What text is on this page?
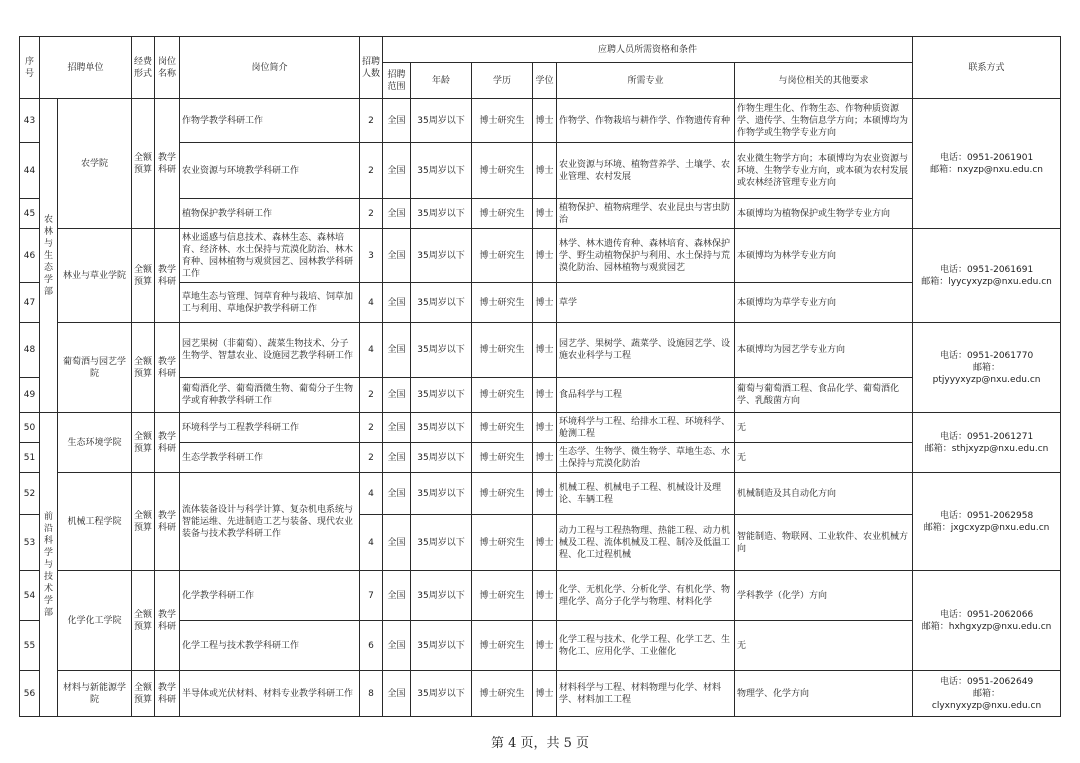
序号	招聘单位		经费形式	岗位名称	岗位简介	招聘人数	应聘人员所需资格和条件						联系方式
							招聘范围	年龄	学历	学位	所需专业	与岗位相关的其他要求	
43	农林与生态学部	农学院	全额预算	教学科研	作物学教学科研工作	2	全国	35周岁以下	博士研究生	博士	作物学、作物栽培与耕作学、作物遗传育种	作物生理生化、作物生态、作物种质资源学、遗传学、生物信息学方向；本硕博均为作物学或生物学专业方向	电话：0951-2061901
邮箱：nxyzp@nxu.edu.cn

44					农业资源与环境教学科研工作	2	全国	35周岁以下	博士研究生	博士	农业资源与环境、植物营养学、土壤学、农业管理、农村发展	农业微生物学方向；本硕博均为农业资源与环境、生物学专业方向，或本硕为农村发展或农林经济管理专业方向	
45					植物保护教学科研工作	2	全国	35周岁以下	博士研究生	博士	植物保护、植物病理学、农业昆虫与害虫防治	本硕博均为植物保护或生物学专业方向	
46		林业与草业学院	全额预算	教学科研	林业遥感与信息技术、森林生态、森林培育、经济林、水土保持与荒漠化防治、林木育种、园林植物与观赏园艺、园林教学科研工作	3	全国	35周岁以下	博士研究生	博士	林学、林木遗传育种、森林培育、森林保护学、野生动植物保护与利用、水土保持与荒漠化防治、园林植物与观赏园艺	本硕博均为林学专业方向	电话：0951-2061691
邮箱：lyycyxyzp@nxu.edu.cn

47					草地生态与管理、饲草育种与栽培、饲草加工与利用、草地保护教学科研工作	4	全国	35周岁以下	博士研究生	博士	草学	本硕博均为草学专业方向	
48		葡萄酒与园艺学院	全额预算	教学科研	园艺果树（非葡萄）、蔬菜生物技术、分子生物学、智慧农业、设施园艺教学科研工作	4	全国	35周岁以下	博士研究生	博士	园艺学、果树学、蔬菜学、设施园艺学、设施农业科学与工程	本硕博均为园艺学专业方向	电话：0951-2061770
邮箱：
ptjyyyxyzp@nxu.edu.cn

49					葡萄酒化学、葡萄酒微生物、葡萄分子生物学或育种教学科研工作	2	全国	35周岁以下	博士研究生	博士	食品科学与工程	葡萄与葡萄酒工程、食品化学、葡萄酒化学、乳酸菌方向	
50	前沿科学与技术学部	生态环境学院	全额预算	教学科研	环境科学与工程教学科研工作	2	全国	35周岁以下	博士研究生	博士	环境科学与工程、给排水工程、环境科学、舱测工程	无	电话：0951-2061271
邮箱：sthjxyzp@nxu.edu.cn

51					生态学教学科研工作	2	全国	35周岁以下	博士研究生	博士	生态学、生物学、微生物学、草地生态、水土保持与荒漠化防治	无	
52		机械工程学院	全额预算	教学科研	流体装备设计与科学计算、复杂机电系统与智能运维、先进制造工艺与装备、现代农业装备与技术教学科研工作	4	全国	35周岁以下	博士研究生	博士	机械工程、机械电子工程、机械设计及理论、车辆工程	机械制造及其自动化方向	电话：0951-2062958
邮箱：jxgcxyzp@nxu.edu.cn

53						4	全国	35周岁以下	博士研究生	博士	动力工程与工程热物理、热能工程、动力机械及工程、流体机械及工程、制冷及低温工程、化工过程机械	智能制造、物联网、工业软件、农业机械方向	
54		化学化工学院	全额预算	教学科研	化学教学科研工作	7	全国	35周岁以下	博士研究生	博士	化学、无机化学、分析化学、有机化学、物理化学、高分子化学与物理、材料化学	学科教学（化学）方向	电话：0951-2062066
邮箱：hxhgxyzp@nxu.edu.cn

55					化学工程与技术教学科研工作	6	全国	35周岁以下	博士研究生	博士	化学工程与技术、化学工程、化学工艺、生物化工、应用化学、工业催化	无	
56		材料与新能源学院	全额预算	教学科研	半导体或光伏材料、材料专业教学科研工作	8	全国	35周岁以下	博士研究生	博士	材料科学与工程、材料物理与化学、材料学、材料加工工程	物理学、化学方向	电话：0951-2062649
邮箱：
clyxnyxyzp@nxu.edu.cn
第 4 页，共 5 页
